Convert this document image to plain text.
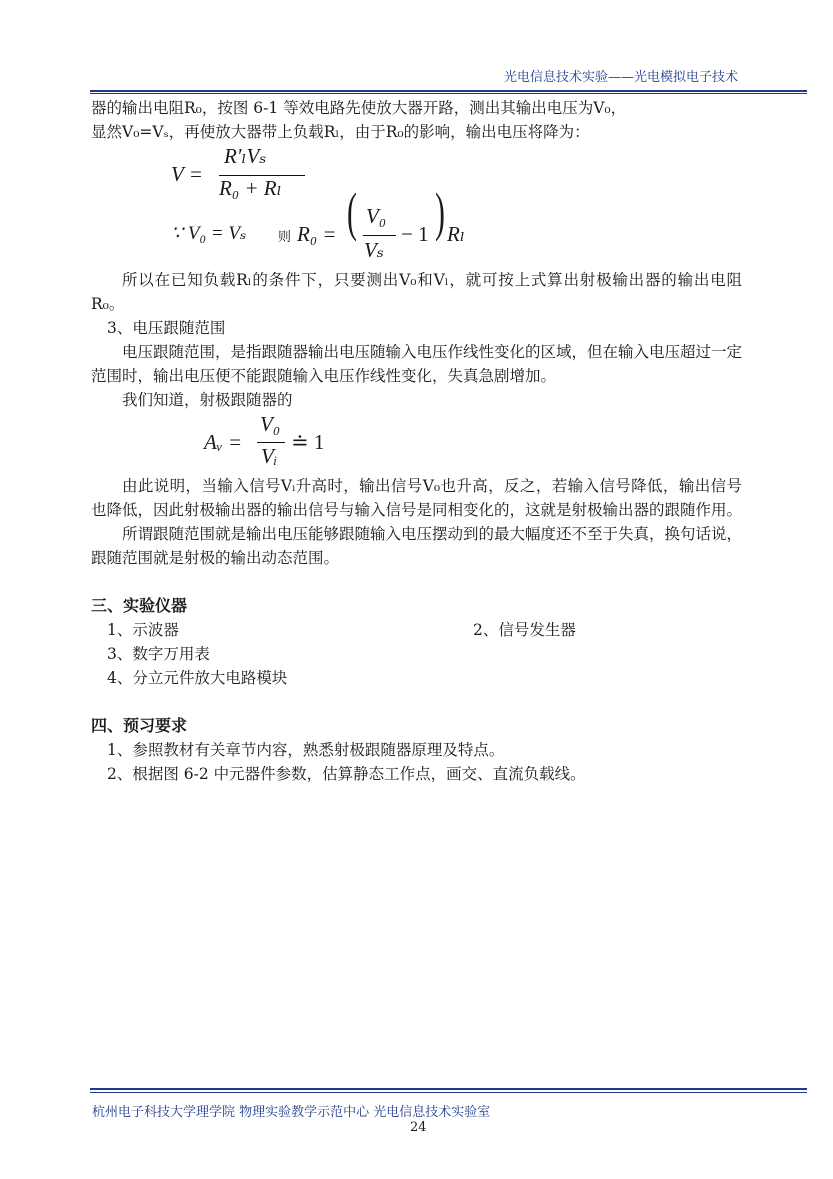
光电信息技术实验——光电模拟电子技术

器的输出电阻R₀，按图 6-1 等效电路先使放大器开路，测出其输出电压为V₀，

显然V₀=Vₛ，再使放大器带上负载Rₗ，由于R₀的影响，输出电压将降为：

V =
R′ₗVₛ
R₀ + Rₗ
∵ V₀ = Vₛ 则 R₀ = ( V₀
Vₛ
− 1 ) Rₗ

所以在已知负载Rₗ的条件下，只要测出V₀和Vₗ，就可按上式算出射极输出器的输出电阻R₀。

3、电压跟随范围

电压跟随范围，是指跟随器输出电压随输入电压作线性变化的区域，但在输入电压超过一定范围时，输出电压便不能跟随输入电压作线性变化，失真急剧增加。

我们知道，射极跟随器的

Aᵥ =
V₀
Vᵢ
≐ 1

由此说明，当输入信号Vᵢ升高时，输出信号V₀也升高，反之，若输入信号降低，输出信号也降低，因此射极输出器的输出信号与输入信号是同相变化的，这就是射极输出器的跟随作用。

所谓跟随范围就是输出电压能够跟随输入电压摆动到的最大幅度还不至于失真，换句话说，跟随范围就是射极的输出动态范围。

三、实验仪器

1、示波器	2、信号发生器

3、数字万用表

4、分立元件放大电路模块

四、预习要求

1、参照教材有关章节内容，熟悉射极跟随器原理及特点。

2、根据图 6-2 中元器件参数，估算静态工作点，画交、直流负载线。

杭州电子科技大学理学院 物理实验教学示范中心 光电信息技术实验室
24
